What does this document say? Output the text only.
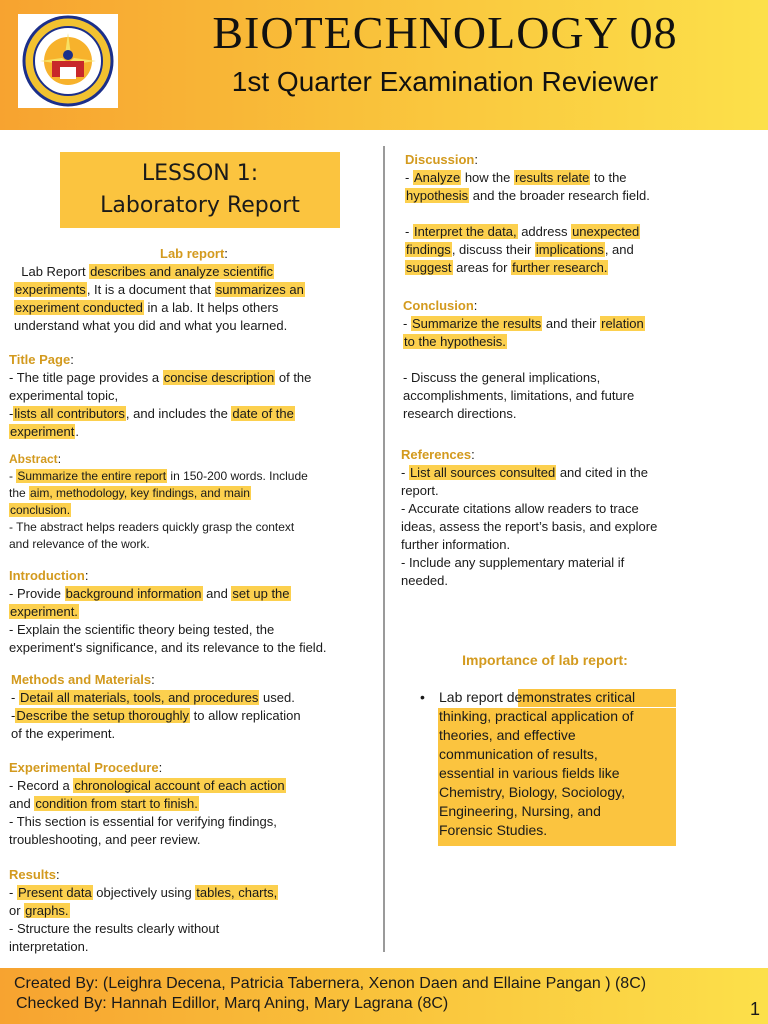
BIOTECHNOLOGY 08
1st Quarter Examination Reviewer
LESSON 1:
Laboratory Report
Lab report:
Lab Report describes and analyze scientific
experiments, It is a document that summarizes an
experiment conducted in a lab. It helps others
understand what you did and what you learned.
Title Page:
- The title page provides a concise description of the
experimental topic,
-lists all contributors, and includes the date of the
experiment.
Abstract:
- Summarize the entire report in 150-200 words. Include
the aim, methodology, key findings, and main
conclusion.
- The abstract helps readers quickly grasp the context
and relevance of the work.
Introduction:
- Provide background information and set up the
experiment.
- Explain the scientific theory being tested, the
experiment's significance, and its relevance to the field.
Methods and Materials:
- Detail all materials, tools, and procedures used.
-Describe the setup thoroughly to allow replication
of the experiment.
Experimental Procedure:
- Record a chronological account of each action
and condition from start to finish.
- This section is essential for verifying findings,
troubleshooting, and peer review.
Results:
- Present data objectively using tables, charts,
or graphs.
- Structure the results clearly without
interpretation.
Discussion:
- Analyze how the results relate to the
hypothesis and the broader research field.
- Interpret the data, address unexpected
findings, discuss their implications, and
suggest areas for further research.
Conclusion:
- Summarize the results and their relation
to the hypothesis.
- Discuss the general implications,
accomplishments, limitations, and future
research directions.
References:
- List all sources consulted and cited in the
report.
- Accurate citations allow readers to trace
ideas, assess the report’s basis, and explore
further information.
- Include any supplementary material if
needed.
Importance of lab report:
• Lab report demonstrates critical
thinking, practical application of
theories, and effective
communication of results,
essential in various fields like
Chemistry, Biology, Sociology,
Engineering, Nursing, and
Forensic Studies.
Created By: (Leighra Decena, Patricia Tabernera, Xenon Daen and Ellaine Pangan ) (8C)
Checked By: Hannah Edillor, Marq Aning, Mary Lagrana (8C)	1
